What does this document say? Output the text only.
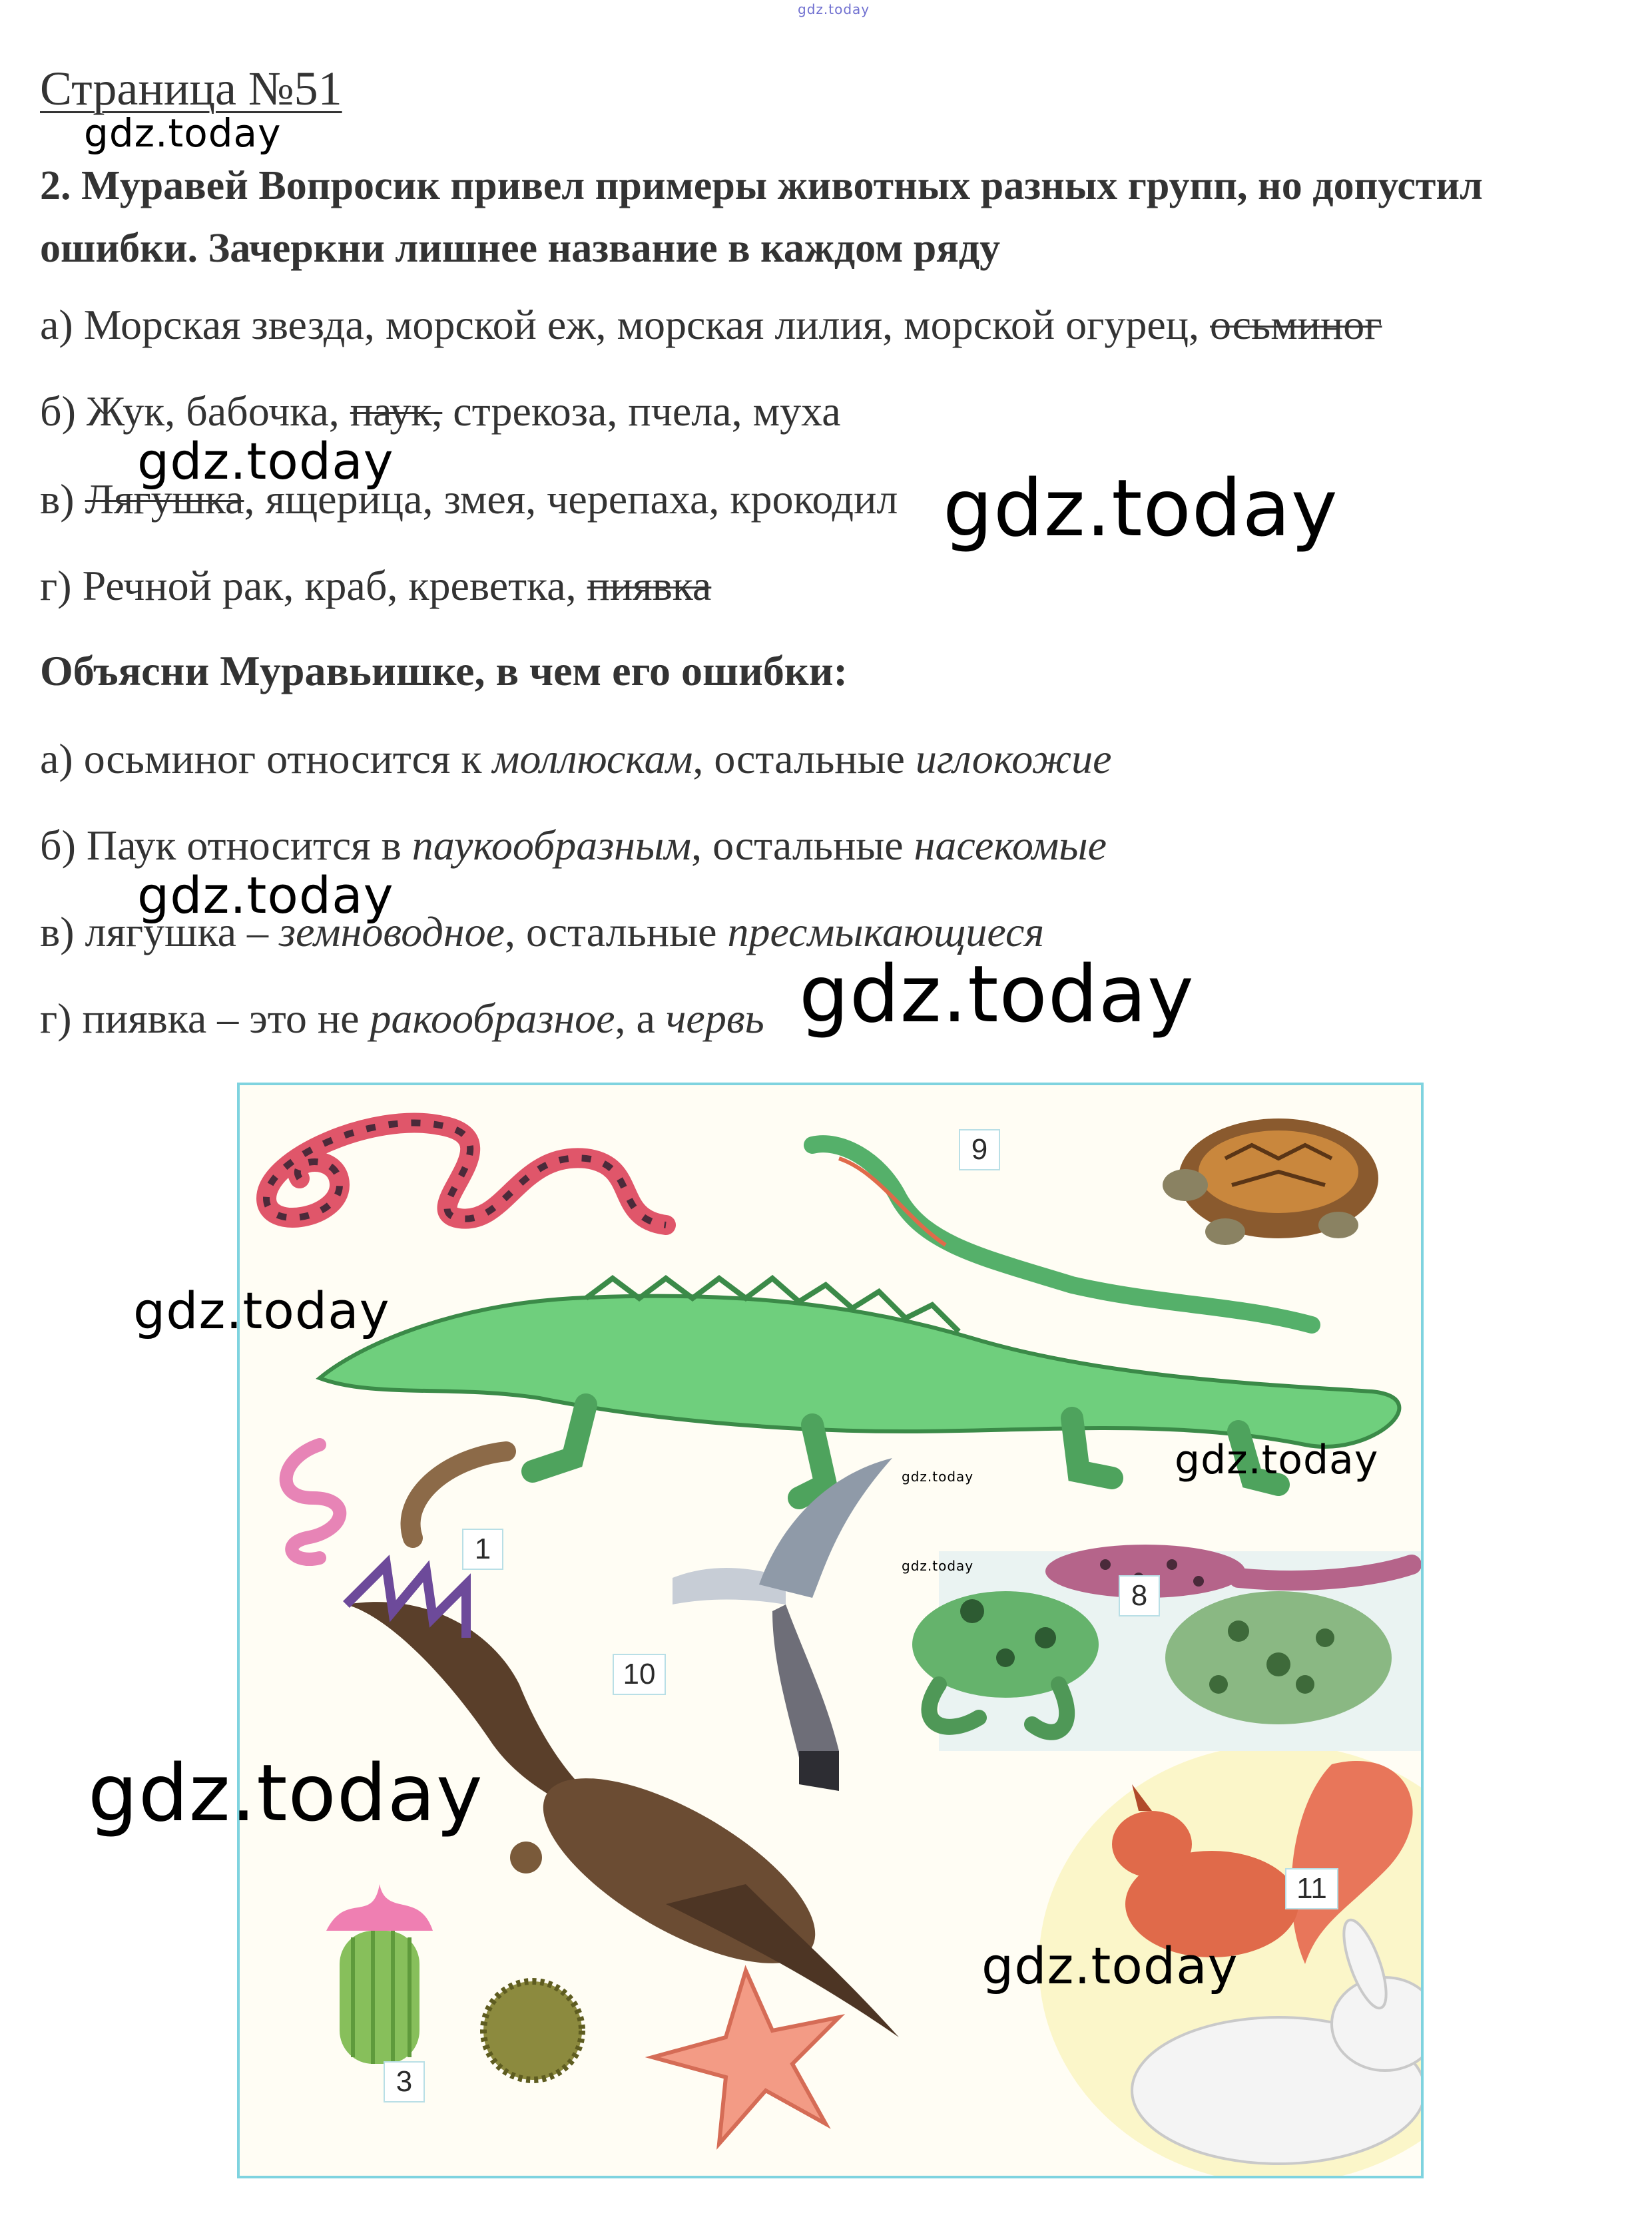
gdz.today
Страница №51
gdz.today
2. Муравей Вопросик привел примеры животных разных групп, но допустил ошибки. Зачеркни лишнее название в каждом ряду
а) Морская звезда, морской еж, морская лилия, морской огурец, осьминог
б) Жук, бабочка, паук, стрекоза, пчела, муха
gdz.today
в) Лягушка, ящерица, змея, черепаха, крокодил gdz.today
г) Речной рак, краб, креветка, пиявка
Объясни Муравьишке, в чем его ошибки:
а) осьминог относится к моллюскам, остальные иглокожие
б) Паук относится в паукообразным, остальные насекомые
gdz.today
в) лягушка – земноводное, остальные пресмыкающиеся
г) пиявка – это не ракообразное, а червь gdz.today
9
1
10
8
11
3
gdz.today
gdz.today
gdz.today
gdz.today
gdz.today
gdz.today
